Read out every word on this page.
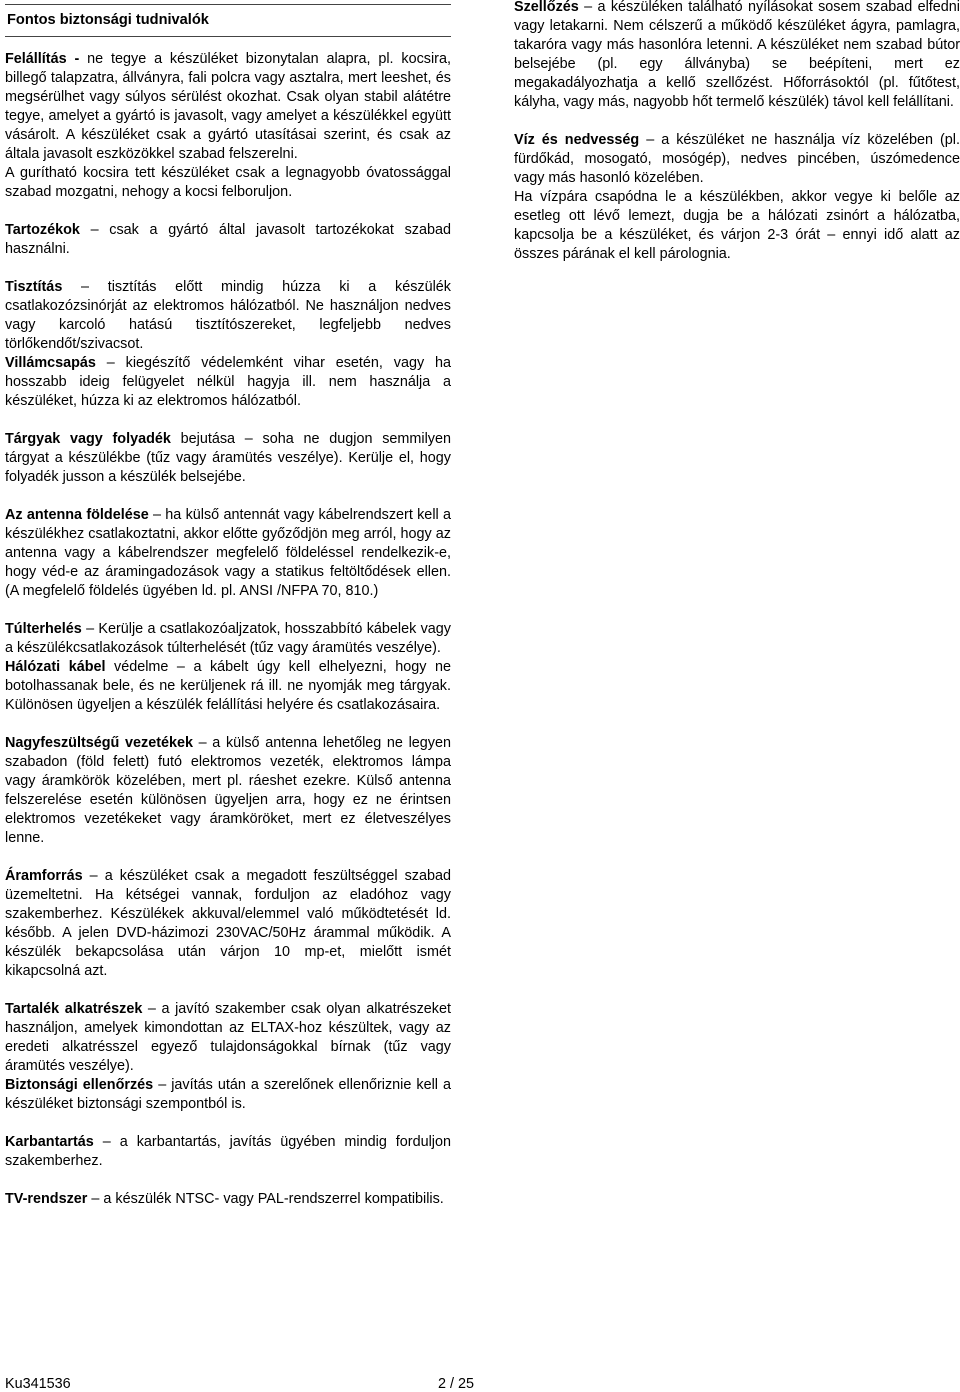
Fontos biztonsági tudnivalók

Felállítás - ne tegye a készüléket bizonytalan alapra, pl. kocsira, billegő talapzatra, állványra, fali polcra vagy asztalra, mert leeshet, és megsérülhet vagy súlyos sérülést okozhat. Csak olyan stabil alátétre tegye, amelyet a gyártó is javasolt, vagy amelyet a készülékkel együtt vásárolt. A készüléket csak a gyártó utasításai szerint, és csak az általa javasolt eszközökkel szabad felszerelni.

A gurítható kocsira tett készüléket csak a legnagyobb óvatossággal szabad mozgatni, nehogy a kocsi felboruljon.

Tartozékok – csak a gyártó által javasolt tartozékokat szabad használni.

Tisztítás – tisztítás előtt mindig húzza ki a készülék csatlakozózsinórját az elektromos hálózatból. Ne használjon nedves vagy karcoló hatású tisztítószereket, legfeljebb nedves törlőkendőt/szivacsot.

Villámcsapás – kiegészítő védelemként vihar esetén, vagy ha hosszabb ideig felügyelet nélkül hagyja ill. nem használja a készüléket, húzza ki az elektromos hálózatból.

Tárgyak vagy folyadék bejutása – soha ne dugjon semmilyen tárgyat a készülékbe (tűz vagy áramütés veszélye). Kerülje el, hogy folyadék jusson a készülék belsejébe.

Az antenna földelése – ha külső antennát vagy kábelrendszert kell a készülékhez csatlakoztatni, akkor előtte győződjön meg arról, hogy az antenna vagy a kábelrendszer megfelelő földeléssel rendelkezik-e, hogy véd-e az áramingadozások vagy a statikus feltöltődések ellen. (A megfelelő földelés ügyében ld. pl. ANSI /NFPA 70, 810.)

Túlterhelés – Kerülje a csatlakozóaljzatok, hosszabbító kábelek vagy a készülékcsatlakozások túlterhelését (tűz vagy áramütés veszélye).

Hálózati kábel védelme – a kábelt úgy kell elhelyezni, hogy ne botolhassanak bele, és ne kerüljenek rá ill. ne nyomják meg tárgyak. Különösen ügyeljen a készülék felállítási helyére és csatlakozásaira.

Nagyfeszültségű vezetékek – a külső antenna lehetőleg ne legyen szabadon (föld felett) futó elektromos vezeték, elektromos lámpa vagy áramkörök közelében, mert pl. ráeshet ezekre. Külső antenna felszerelése esetén különösen ügyeljen arra, hogy ez ne érintsen elektromos vezetékeket vagy áramköröket, mert ez életveszélyes lenne.

Áramforrás – a készüléket csak a megadott feszültséggel szabad üzemeltetni. Ha kétségei vannak, forduljon az eladóhoz vagy szakemberhez. Készülékek akkuval/elemmel való működtetését ld. később. A jelen DVD-házimozi 230VAC/50Hz árammal működik. A készülék bekapcsolása után várjon 10 mp-et, mielőtt ismét kikapcsolná azt.

Tartalék alkatrészek – a javító szakember csak olyan alkatrészeket használjon, amelyek kimondottan az ELTAX-hoz készültek, vagy az eredeti alkatrésszel egyező tulajdonságokkal bírnak (tűz vagy áramütés veszélye).

Biztonsági ellenőrzés – javítás után a szerelőnek ellenőriznie kell a készüléket biztonsági szempontból is.

Karbantartás – a karbantartás, javítás ügyében mindig forduljon szakemberhez.

TV-rendszer – a készülék NTSC- vagy PAL-rendszerrel kompatibilis.

Szellőzés – a készüléken található nyílásokat sosem szabad elfedni vagy letakarni. Nem célszerű a működő készüléket ágyra, pamlagra, takaróra vagy más hasonlóra letenni. A készüléket nem szabad bútor belsejébe (pl. egy állványba) se beépíteni, mert ez megakadályozhatja a kellő szellőzést. Hőforrásoktól (pl. fűtőtest, kályha, vagy más, nagyobb hőt termelő készülék) távol kell felállítani.

Víz és nedvesség – a készüléket ne használja víz közelében (pl. fürdőkád, mosogató, mosógép), nedves pincében, úszómedence vagy más hasonló közelében.

Ha vízpára csapódna le a készülékben, akkor vegye ki belőle az esetleg ott lévő lemezt, dugja be a hálózati zsinórt a hálózatba, kapcsolja be a készüléket, és várjon 2-3 órát – ennyi idő alatt az összes párának el kell párolognia.

Ku341536	2 / 25
